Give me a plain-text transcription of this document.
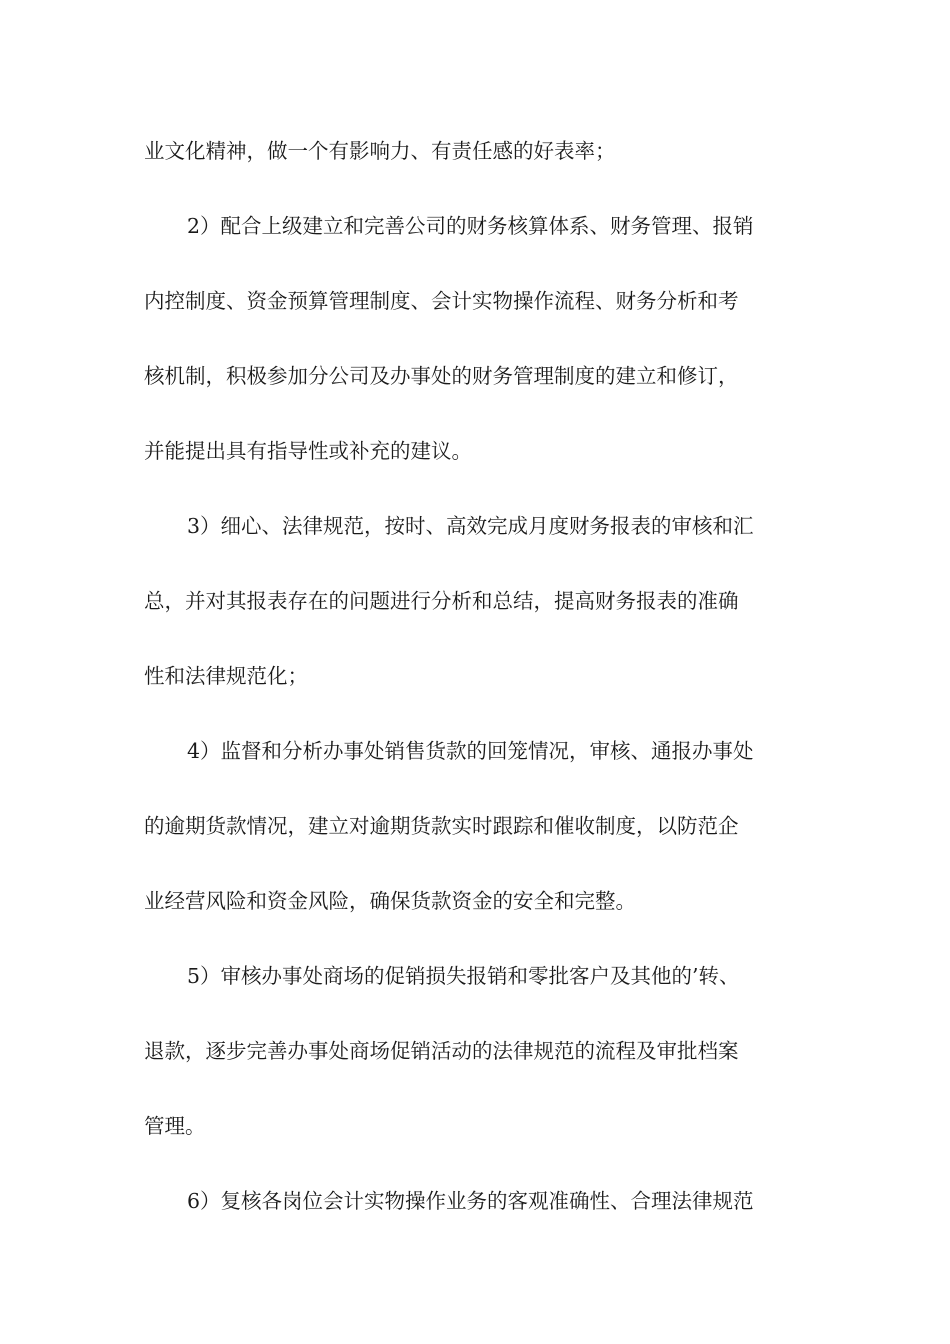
业文化精神，做一个有影响力、有责任感的好表率；
2）配合上级建立和完善公司的财务核算体系、财务管理、报销
内控制度、资金预算管理制度、会计实物操作流程、财务分析和考
核机制，积极参加分公司及办事处的财务管理制度的建立和修订，
并能提出具有指导性或补充的建议。
3）细心、法律规范，按时、高效完成月度财务报表的审核和汇
总，并对其报表存在的问题进行分析和总结，提高财务报表的准确
性和法律规范化；
4）监督和分析办事处销售货款的回笼情况，审核、通报办事处
的逾期货款情况，建立对逾期货款实时跟踪和催收制度，以防范企
业经营风险和资金风险，确保货款资金的安全和完整。
5）审核办事处商场的促销损失报销和零批客户及其他的’转、
退款，逐步完善办事处商场促销活动的法律规范的流程及审批档案
管理。
6）复核各岗位会计实物操作业务的客观准确性、合理法律规范
